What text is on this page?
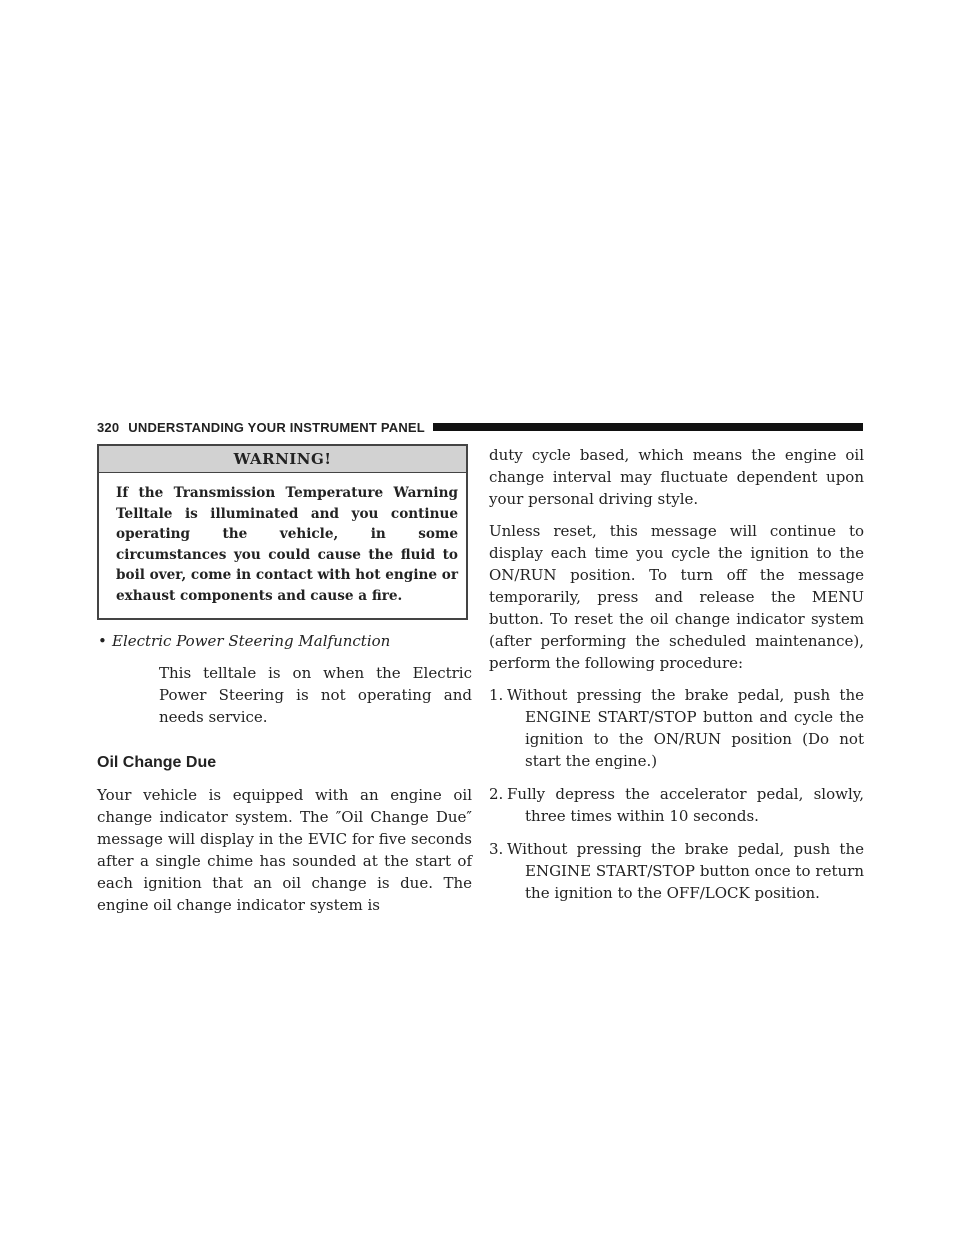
320 UNDERSTANDING YOUR INSTRUMENT PANEL
WARNING!
If the Transmission Temperature Warning Telltale is illuminated and you continue operating the vehicle, in some circumstances you could cause the fluid to boil over, come in contact with hot engine or exhaust components and cause a fire.
• Electric Power Steering Malfunction
This telltale is on when the Electric Power Steering is not operating and needs service.
Oil Change Due

Your vehicle is equipped with an engine oil change indicator system. The ″Oil Change Due″ message will display in the EVIC for five seconds after a single chime has sounded at the start of each ignition that an oil change is due. The engine oil change indicator system is

duty cycle based, which means the engine oil change interval may fluctuate dependent upon your personal driving style.

Unless reset, this message will continue to display each time you cycle the ignition to the ON/RUN position. To turn off the message temporarily, press and release the MENU button. To reset the oil change indicator system (after performing the scheduled maintenance), perform the following procedure:

1. Without pressing the brake pedal, push the ENGINE START/STOP button and cycle the ignition to the ON/RUN position (Do not start the engine.)
2. Fully depress the accelerator pedal, slowly, three times within 10 seconds.
3. Without pressing the brake pedal, push the ENGINE START/STOP button once to return the ignition to the OFF/LOCK position.
